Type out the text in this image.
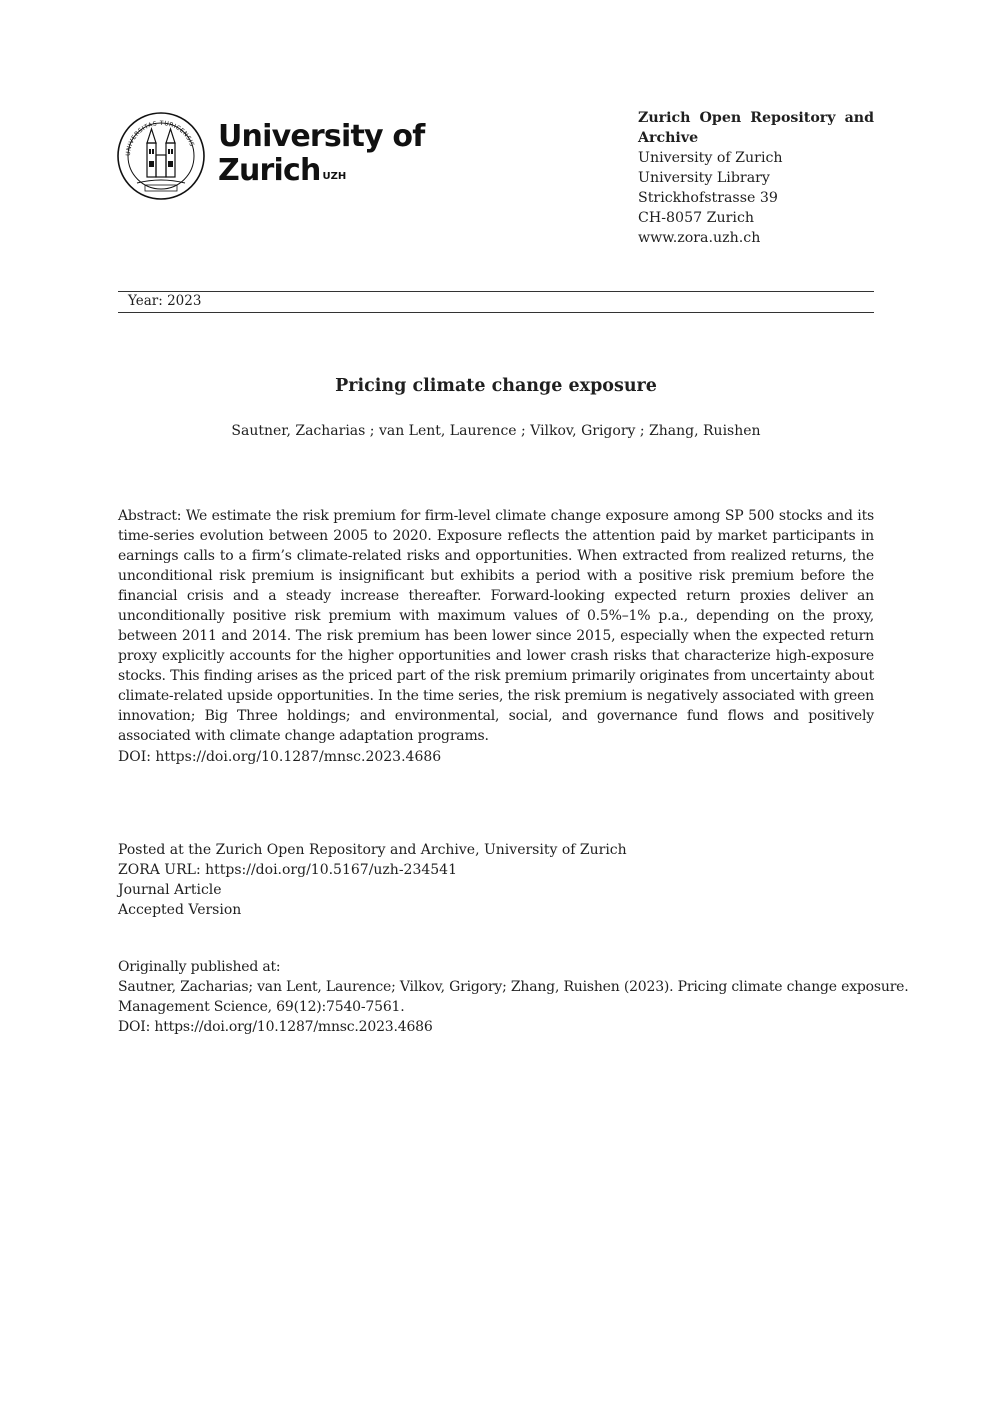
UNIVERSITAS TURICENSIS University of
Zurich $^{UZH}$
Zurich Open Repository and Archive
University of Zurich
University Library
Strickhofstrasse 39
CH-8057 Zurich
www.zora.uzh.ch
Year: 2023
Pricing climate change exposure
Sautner, Zacharias ; van Lent, Laurence ; Vilkov, Grigory ; Zhang, Ruishen
Abstract: We estimate the risk premium for firm-level climate change exposure among SP 500 stocks and its time-series evolution between 2005 to 2020. Exposure reflects the attention paid by market participants in earnings calls to a firm’s climate-related risks and opportunities. When extracted from realized returns, the unconditional risk premium is insignificant but exhibits a period with a positive risk premium before the financial crisis and a steady increase thereafter. Forward-looking expected return proxies deliver an unconditionally positive risk premium with maximum values of 0.5%–1% p.a., depending on the proxy, between 2011 and 2014. The risk premium has been lower since 2015, especially when the expected return proxy explicitly accounts for the higher opportunities and lower crash risks that characterize high-exposure stocks. This finding arises as the priced part of the risk premium primarily originates from uncertainty about climate-related upside opportunities. In the time series, the risk premium is negatively associated with green innovation; Big Three holdings; and environmental, social, and governance fund flows and positively associated with climate change adaptation programs.
DOI: https://doi.org/10.1287/mnsc.2023.4686
Posted at the Zurich Open Repository and Archive, University of Zurich
ZORA URL: https://doi.org/10.5167/uzh-234541
Journal Article
Accepted Version
Originally published at:
Sautner, Zacharias; van Lent, Laurence; Vilkov, Grigory; Zhang, Ruishen (2023). Pricing climate change exposure.
Management Science, 69(12):7540-7561.
DOI: https://doi.org/10.1287/mnsc.2023.4686
